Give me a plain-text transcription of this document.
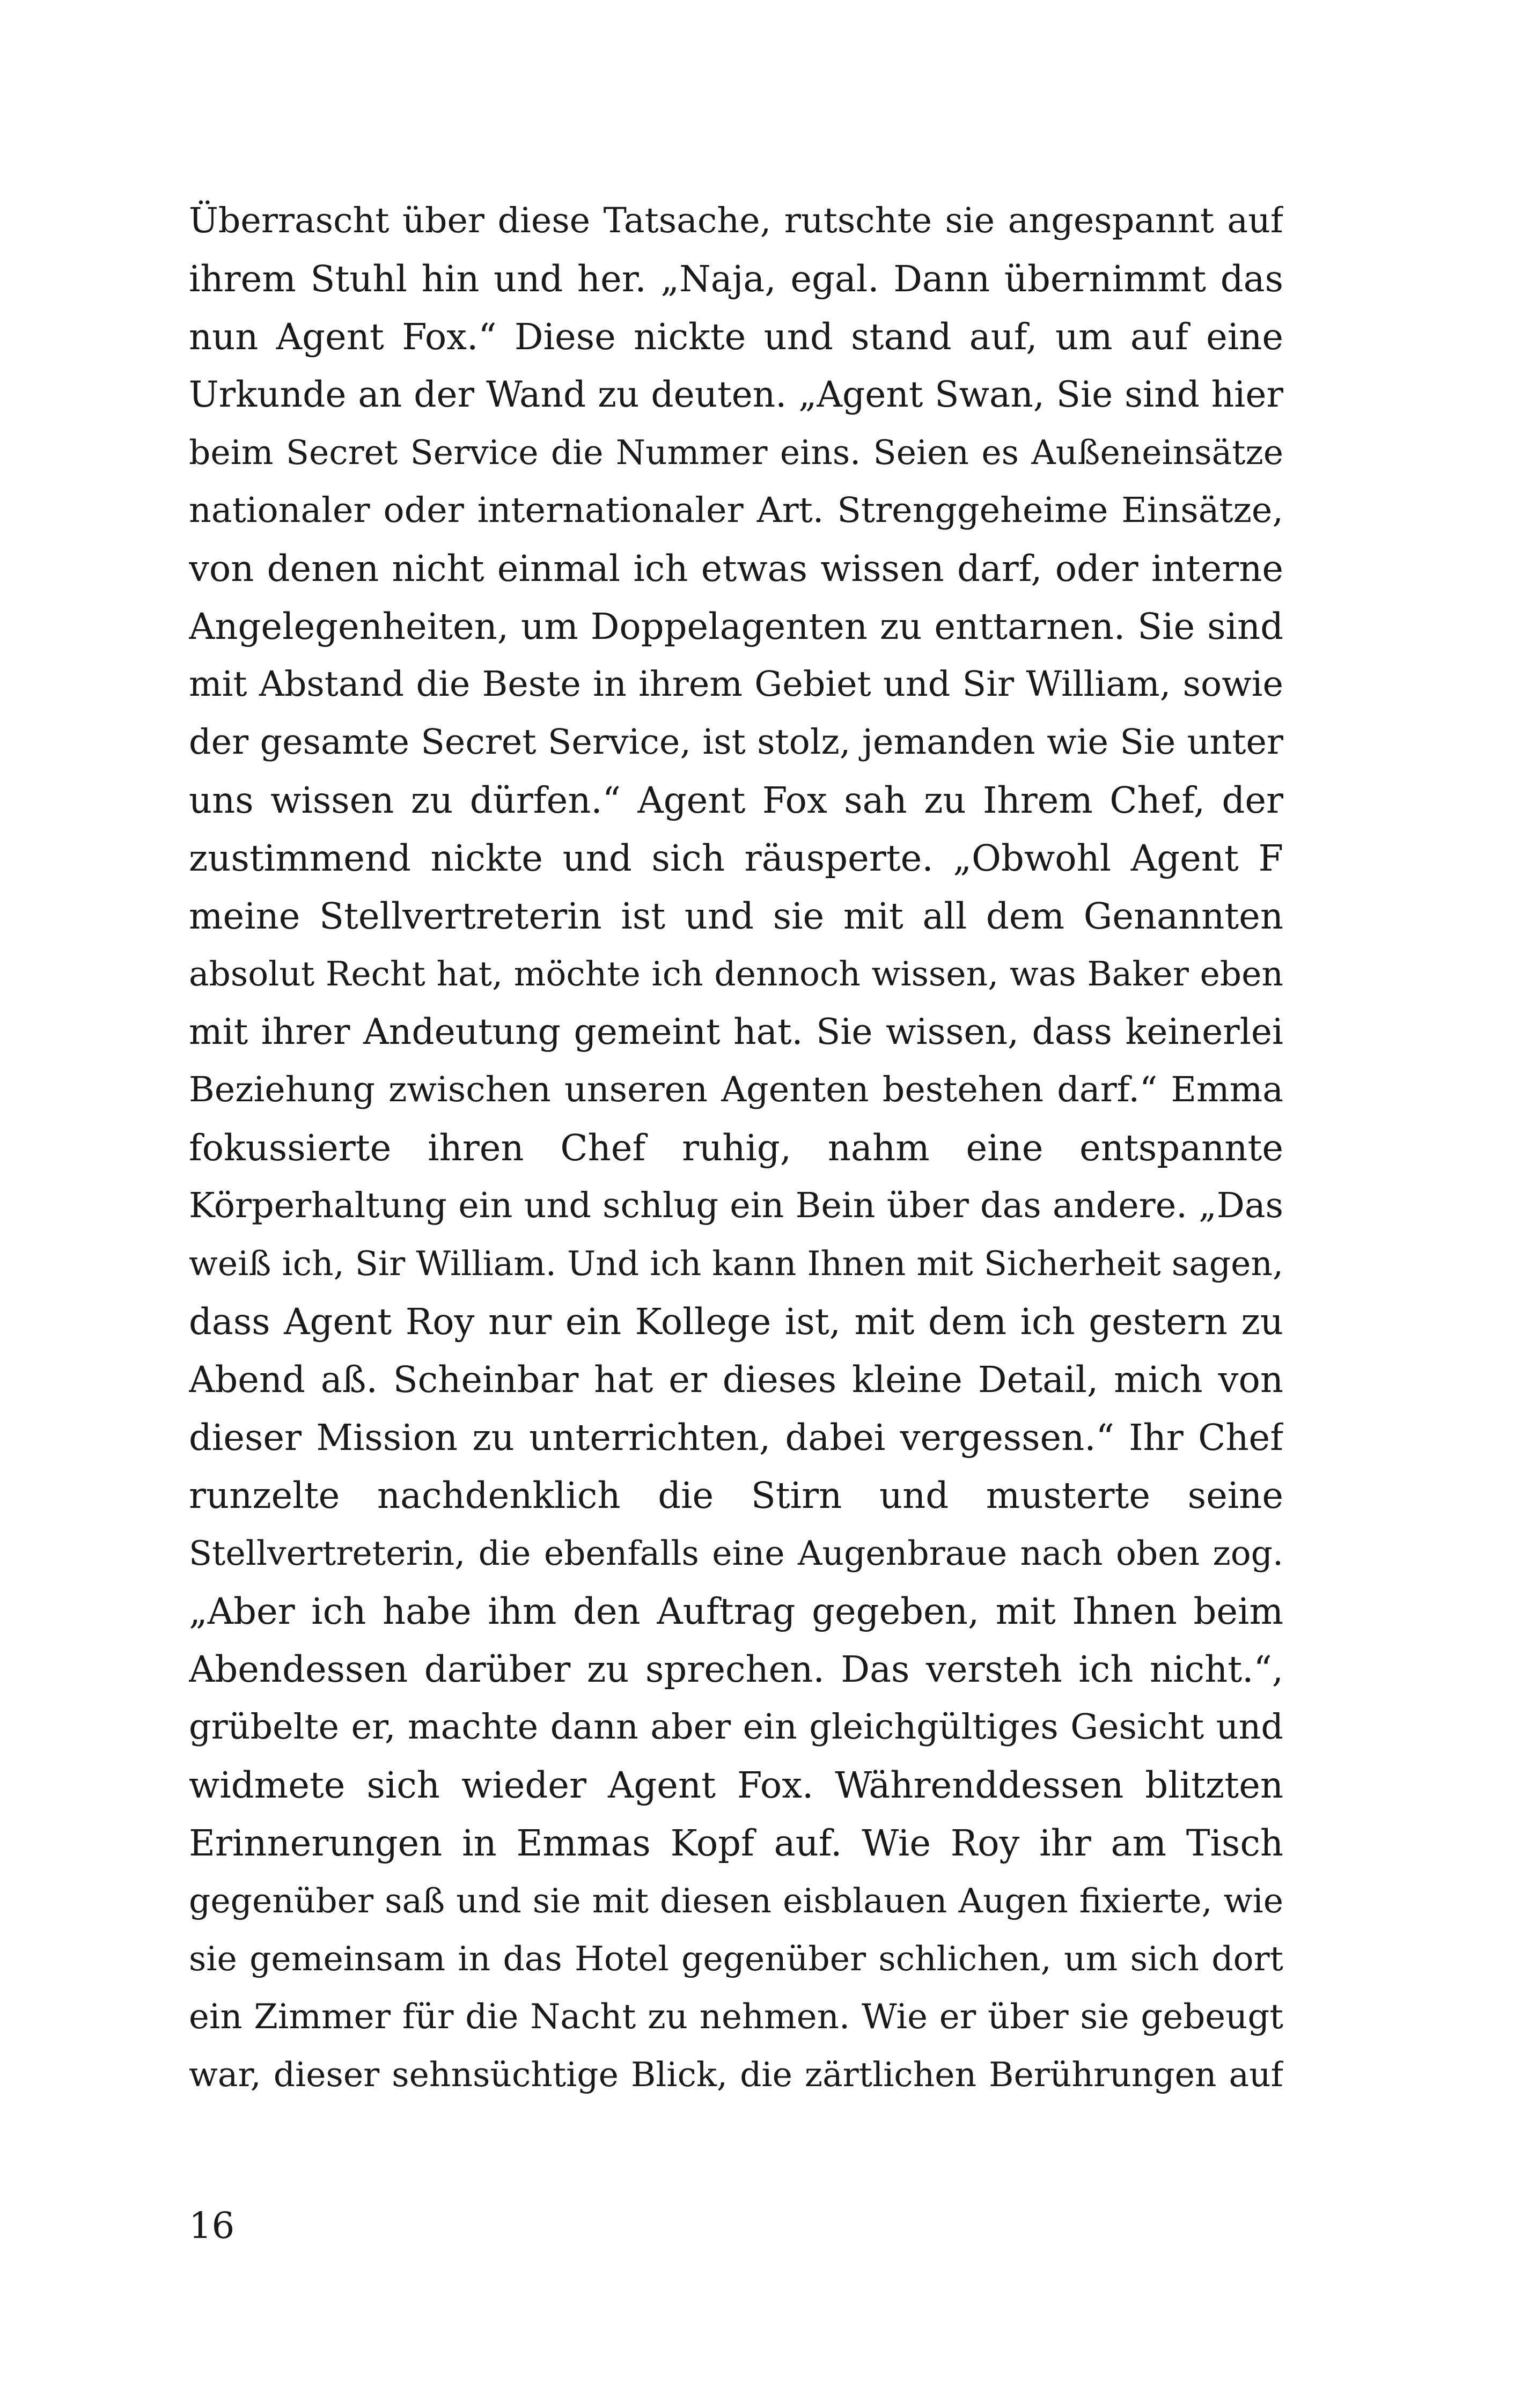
Überrascht über diese Tatsache, rutschte sie angespannt auf
ihrem Stuhl hin und her. „Naja, egal. Dann übernimmt das
nun Agent Fox.“ Diese nickte und stand auf, um auf eine
Urkunde an der Wand zu deuten. „Agent Swan, Sie sind hier
beim Secret Service die Nummer eins. Seien es Außeneinsätze
nationaler oder internationaler Art. Strenggeheime Einsätze,
von denen nicht einmal ich etwas wissen darf, oder interne
Angelegenheiten, um Doppelagenten zu enttarnen. Sie sind
mit Abstand die Beste in ihrem Gebiet und Sir William, sowie
der gesamte Secret Service, ist stolz, jemanden wie Sie unter
uns wissen zu dürfen.“ Agent Fox sah zu Ihrem Chef, der
zustimmend nickte und sich räusperte. „Obwohl Agent F
meine Stellvertreterin ist und sie mit all dem Genannten
absolut Recht hat, möchte ich dennoch wissen, was Baker eben
mit ihrer Andeutung gemeint hat. Sie wissen, dass keinerlei
Beziehung zwischen unseren Agenten bestehen darf.“ Emma
fokussierte ihren Chef ruhig, nahm eine entspannte
Körperhaltung ein und schlug ein Bein über das andere. „Das
weiß ich, Sir William. Und ich kann Ihnen mit Sicherheit sagen,
dass Agent Roy nur ein Kollege ist, mit dem ich gestern zu
Abend aß. Scheinbar hat er dieses kleine Detail, mich von
dieser Mission zu unterrichten, dabei vergessen.“ Ihr Chef
runzelte nachdenklich die Stirn und musterte seine
Stellvertreterin, die ebenfalls eine Augenbraue nach oben zog.
„Aber ich habe ihm den Auftrag gegeben, mit Ihnen beim
Abendessen darüber zu sprechen. Das versteh ich nicht.“,
grübelte er, machte dann aber ein gleichgültiges Gesicht und
widmete sich wieder Agent Fox. Währenddessen blitzten
Erinnerungen in Emmas Kopf auf. Wie Roy ihr am Tisch
gegenüber saß und sie mit diesen eisblauen Augen fixierte, wie
sie gemeinsam in das Hotel gegenüber schlichen, um sich dort
ein Zimmer für die Nacht zu nehmen. Wie er über sie gebeugt
war, dieser sehnsüchtige Blick, die zärtlichen Berührungen auf
16
